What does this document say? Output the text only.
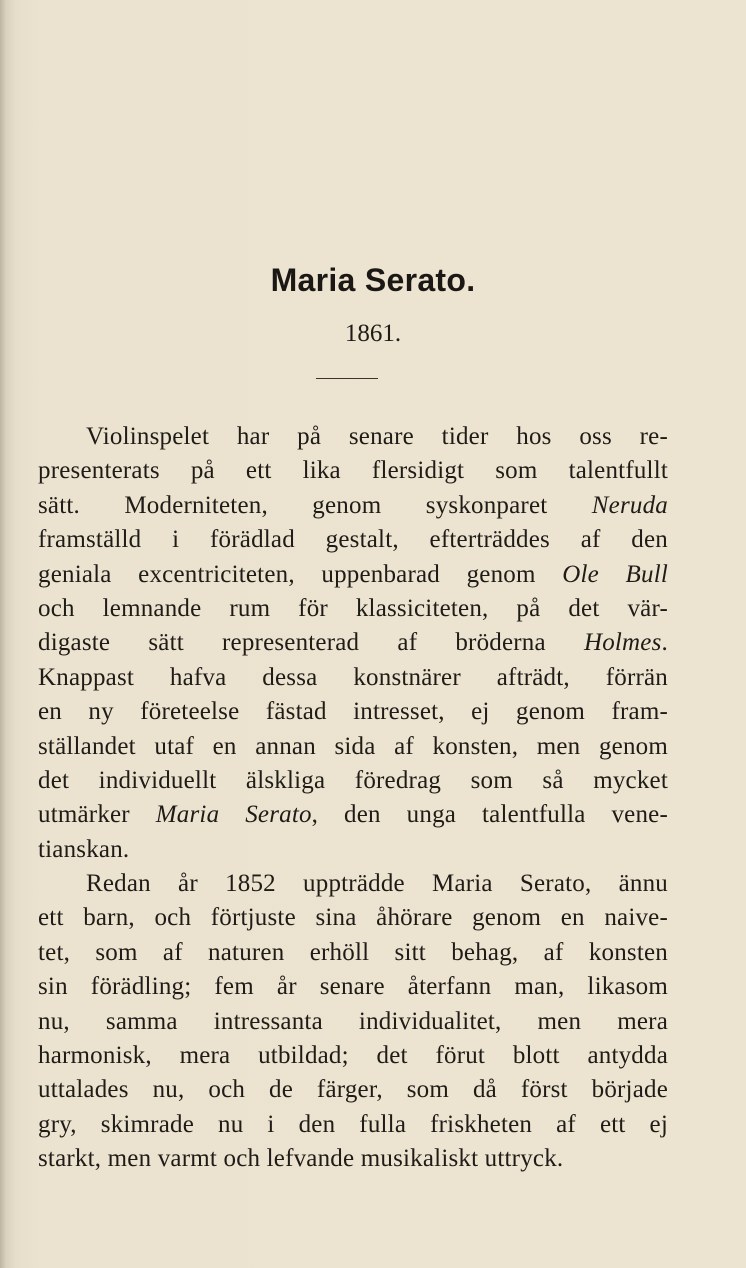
Maria Serato.
1861.
Violinspelet har på senare tider hos oss re-
presenterats på ett lika flersidigt som talentfullt
sätt. Moderniteten, genom syskonparet Neruda
framställd i förädlad gestalt, efterträddes af den
geniala excentriciteten, uppenbarad genom Ole Bull
och lemnande rum för klassiciteten, på det vär-
digaste sätt representerad af bröderna Holmes.
Knappast hafva dessa konstnärer afträdt, förrän
en ny företeelse fästad intresset, ej genom fram-
ställandet utaf en annan sida af konsten, men genom
det individuellt älskliga föredrag som så mycket
utmärker Maria Serato, den unga talentfulla vene-
tianskan.
Redan år 1852 uppträdde Maria Serato, ännu
ett barn, och förtjuste sina åhörare genom en naive-
tet, som af naturen erhöll sitt behag, af konsten
sin förädling; fem år senare återfann man, likasom
nu, samma intressanta individualitet, men mera
harmonisk, mera utbildad; det förut blott antydda
uttalades nu, och de färger, som då först började
gry, skimrade nu i den fulla friskheten af ett ej
starkt, men varmt och lefvande musikaliskt uttryck.
